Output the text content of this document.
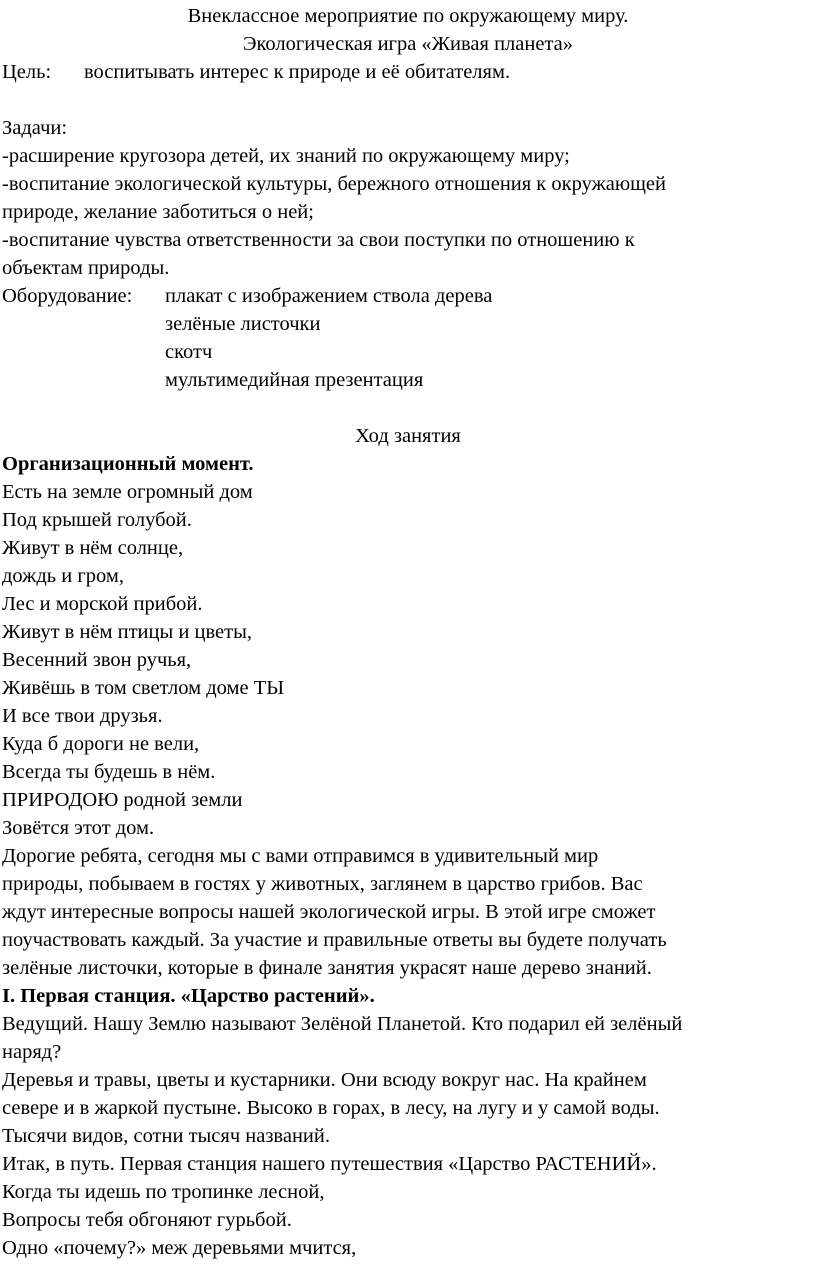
Внеклассное мероприятие по окружающему миру.
Экологическая игра «Живая планета»
Цель: воспитывать интерес к природе и её обитателям.
Задачи:
-расширение кругозора детей, их знаний по окружающему миру;
-воспитание экологической культуры, бережного отношения к окружающей
природе, желание заботиться о ней;
-воспитание чувства ответственности за свои поступки по отношению к
объектам природы.
Оборудование: плакат с изображением ствола дерева
зелёные листочки
скотч
мультимедийная презентация
Ход занятия
Организационный момент.
Есть на земле огромный дом
Под крышей голубой.
Живут в нём солнце,
дождь и гром,
Лес и морской прибой.
Живут в нём птицы и цветы,
Весенний звон ручья,
Живёшь в том светлом доме ТЫ
И все твои друзья.
Куда б дороги не вели,
Всегда ты будешь в нём.
ПРИРОДОЮ родной земли
Зовётся этот дом.
Дорогие ребята, сегодня мы с вами отправимся в удивительный мир
природы, побываем в гостях у животных, заглянем в царство грибов. Вас
ждут интересные вопросы нашей экологической игры. В этой игре сможет
поучаствовать каждый. За участие и правильные ответы вы будете получать
зелёные листочки, которые в финале занятия украсят наше дерево знаний.
I. Первая станция. «Царство растений».
Ведущий. Нашу Землю называют Зелёной Планетой. Кто подарил ей зелёный
наряд?
Деревья и травы, цветы и кустарники. Они всюду вокруг нас. На крайнем
севере и в жаркой пустыне. Высоко в горах, в лесу, на лугу и у самой воды.
Тысячи видов, сотни тысяч названий.
Итак, в путь. Первая станция нашего путешествия «Царство РАСТЕНИЙ».
Когда ты идешь по тропинке лесной,
Вопросы тебя обгоняют гурьбой.
Одно «почему?» меж деревьями мчится,
